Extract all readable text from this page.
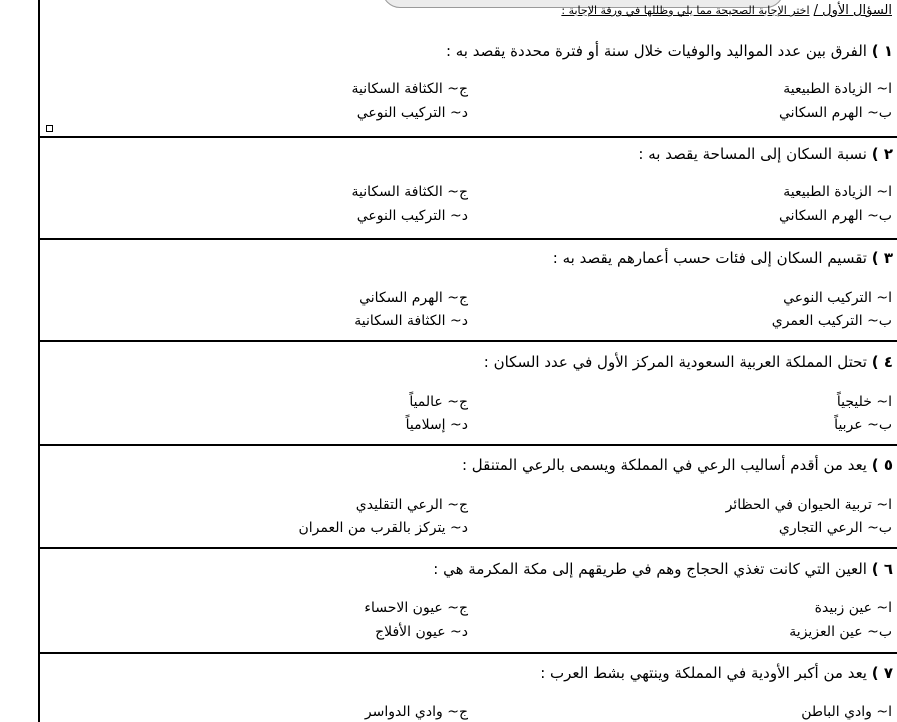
السؤال الأول / اختر الإجابة الصحيحة مما يلي وظللها في ورقة الإجابة :
١ ) الفرق بين عدد المواليد والوفيات خلال سنة أو فترة محددة يقصد به :
ا~ الزيادة الطبيعية
ج~ الكثافة السكانية
ب~ الهرم السكاني
د~ التركيب النوعي
٢ ) نسبة السكان إلى المساحة يقصد به :
ا~ الزيادة الطبيعية
ج~ الكثافة السكانية
ب~ الهرم السكاني
د~ التركيب النوعي
٣ ) تقسيم السكان إلى فئات حسب أعمارهم يقصد به :
ا~ التركيب النوعي
ج~ الهرم السكاني
ب~ التركيب العمري
د~ الكثافة السكانية
٤ ) تحتل المملكة العربية السعودية المركز الأول في عدد السكان :
ا~ خليجياً
ج~ عالمياً
ب~ عربياً
د~ إسلامياً
٥ ) يعد من أقدم أساليب الرعي في المملكة ويسمى بالرعي المتنقل :
ا~ تربية الحيوان في الحظائر
ج~ الرعي التقليدي
ب~ الرعي التجاري
د~ يتركز بالقرب من العمران
٦ ) العين التي كانت تغذي الحجاج وهم في طريقهم إلى مكة المكرمة هي :
ا~ عين زبيدة
ج~ عيون الاحساء
ب~ عين العزيزية
د~ عيون الأفلاج
٧ ) يعد من أكبر الأودية في المملكة وينتهي بشط العرب :
ا~ وادي الباطن
ج~ وادي الدواسر
